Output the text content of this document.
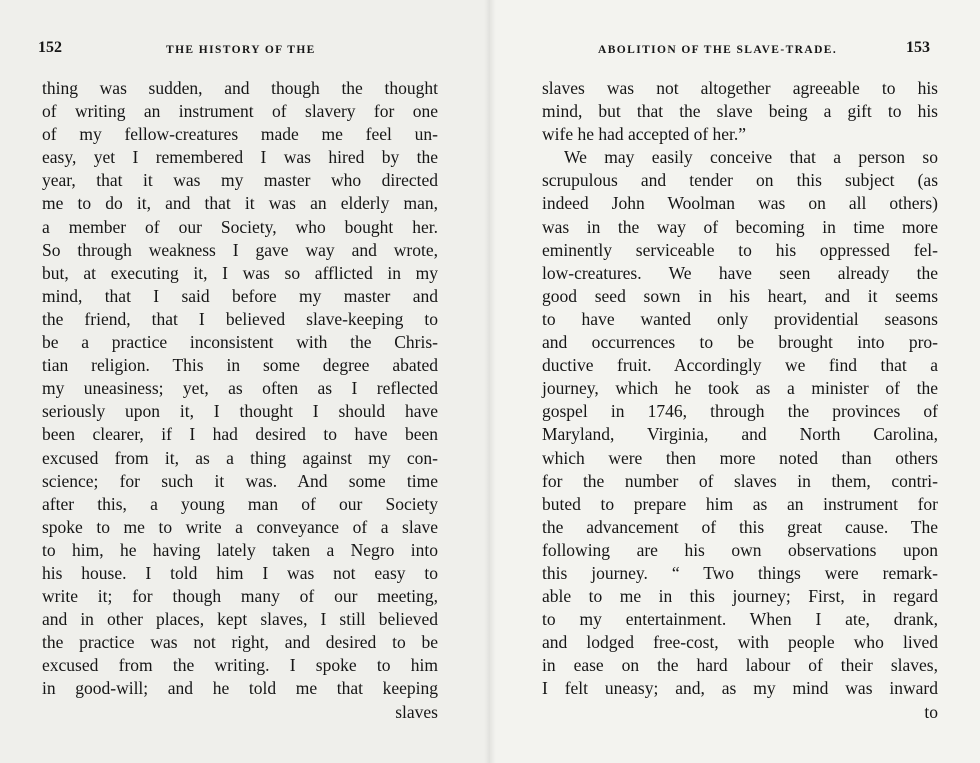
152	THE HISTORY OF THE
thing was sudden, and though the thought
of writing an instrument of slavery for one
of my fellow-creatures made me feel un-
easy, yet I remembered I was hired by the
year, that it was my master who directed
me to do it, and that it was an elderly man,
a member of our Society, who bought her.
So through weakness I gave way and wrote,
but, at executing it, I was so afflicted in my
mind, that I said before my master and
the friend, that I believed slave-keeping to
be a practice inconsistent with the Chris-
tian religion. This in some degree abated
my uneasiness; yet, as often as I reflected
seriously upon it, I thought I should have
been clearer, if I had desired to have been
excused from it, as a thing against my con-
science; for such it was. And some time
after this, a young man of our Society
spoke to me to write a conveyance of a slave
to him, he having lately taken a Negro into
his house. I told him I was not easy to
write it; for though many of our meeting,
and in other places, kept slaves, I still believed
the practice was not right, and desired to be
excused from the writing. I spoke to him
in good-will; and he told me that keeping
slaves
ABOLITION OF THE SLAVE-TRADE.	153
slaves was not altogether agreeable to his
mind, but that the slave being a gift to his
wife he had accepted of her.”
We may easily conceive that a person so
scrupulous and tender on this subject (as
indeed John Woolman was on all others)
was in the way of becoming in time more
eminently serviceable to his oppressed fel-
low-creatures. We have seen already the
good seed sown in his heart, and it seems
to have wanted only providential seasons
and occurrences to be brought into pro-
ductive fruit. Accordingly we find that a
journey, which he took as a minister of the
gospel in 1746, through the provinces of
Maryland, Virginia, and North Carolina,
which were then more noted than others
for the number of slaves in them, contri-
buted to prepare him as an instrument for
the advancement of this great cause. The
following are his own observations upon
this journey. “ Two things were remark-
able to me in this journey; First, in regard
to my entertainment. When I ate, drank,
and lodged free-cost, with people who lived
in ease on the hard labour of their slaves,
I felt uneasy; and, as my mind was inward
to
